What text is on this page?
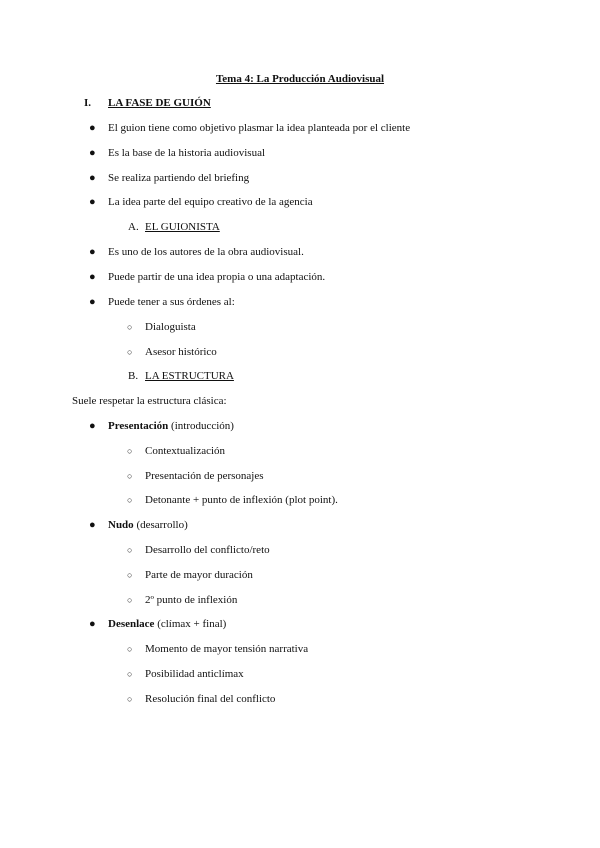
Tema 4: La Producción Audiovisual
I. LA FASE DE GUIÓN
● El guion tiene como objetivo plasmar la idea planteada por el cliente
● Es la base de la historia audiovisual
● Se realiza partiendo del briefing
● La idea parte del equipo creativo de la agencia
A. EL GUIONISTA
● Es uno de los autores de la obra audiovisual.
● Puede partir de una idea propia o una adaptación.
● Puede tener a sus órdenes al:
○ Dialoguista
○ Asesor histórico
B. LA ESTRUCTURA
Suele respetar la estructura clásica:
● Presentación (introducción)
○ Contextualización
○ Presentación de personajes
○ Detonante + punto de inflexión (plot point).
● Nudo (desarrollo)
○ Desarrollo del conflicto/reto
○ Parte de mayor duración
○ 2º punto de inflexión
● Desenlace (clímax + final)
○ Momento de mayor tensión narrativa
○ Posibilidad anticlímax
○ Resolución final del conflicto
